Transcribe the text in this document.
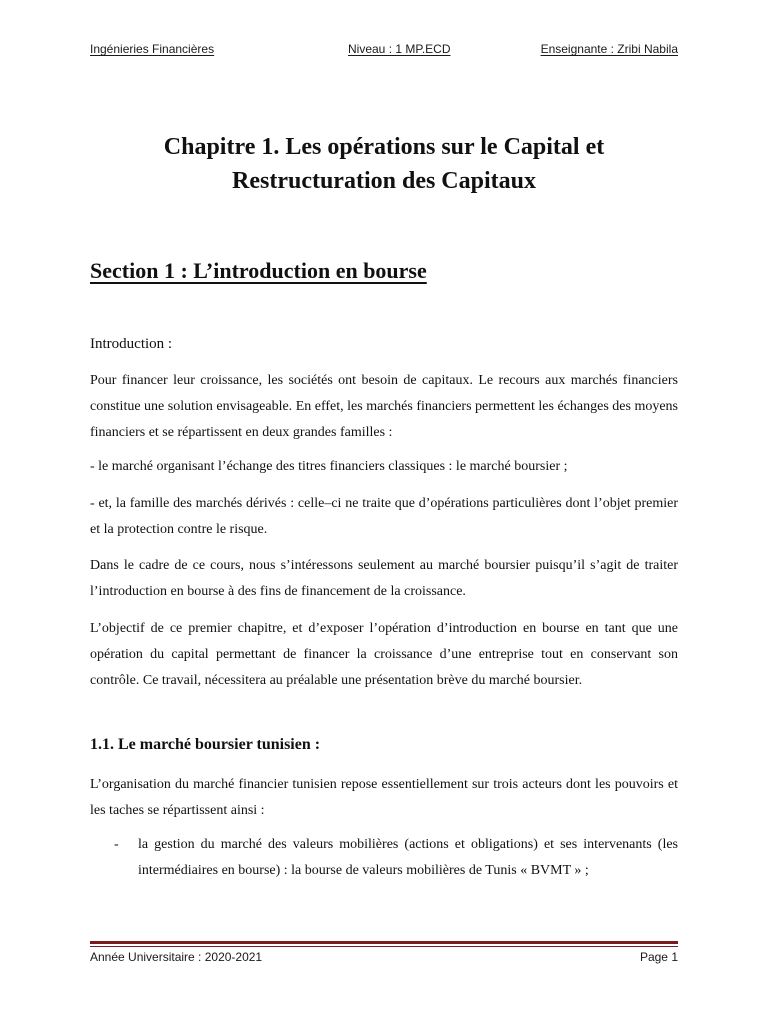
Ingénieries Financières	Niveau : 1 MP.ECD	Enseignante : Zribi Nabila
Chapitre 1. Les opérations sur le Capital et
Restructuration des Capitaux
Section 1 : L’introduction en bourse

Introduction :

Pour financer leur croissance, les sociétés ont besoin de capitaux. Le recours aux marchés financiers constitue une solution envisageable. En effet, les marchés financiers permettent les échanges des moyens financiers et se répartissent en deux grandes familles :

- le marché organisant l’échange des titres financiers classiques : le marché boursier ;

- et, la famille des marchés dérivés : celle–ci ne traite que d’opérations particulières dont l’objet premier et la protection contre le risque.

Dans le cadre de ce cours, nous s’intéressons seulement au marché boursier puisqu’il s’agit de traiter l’introduction en bourse à des fins de financement de la croissance.

L’objectif de ce premier chapitre, et d’exposer l’opération d’introduction en bourse en tant que une opération du capital permettant de financer la croissance d’une entreprise tout en conservant son contrôle. Ce travail, nécessitera au préalable une présentation brève du marché boursier.

1.1. Le marché boursier tunisien :

L’organisation du marché financier tunisien repose essentiellement sur trois acteurs dont les pouvoirs et les taches se répartissent ainsi :

- la gestion du marché des valeurs mobilières (actions et obligations) et ses intervenants (les intermédiaires en bourse) : la bourse de valeurs mobilières de Tunis « BVMT » ;
Année Universitaire : 2020-2021	Page 1
